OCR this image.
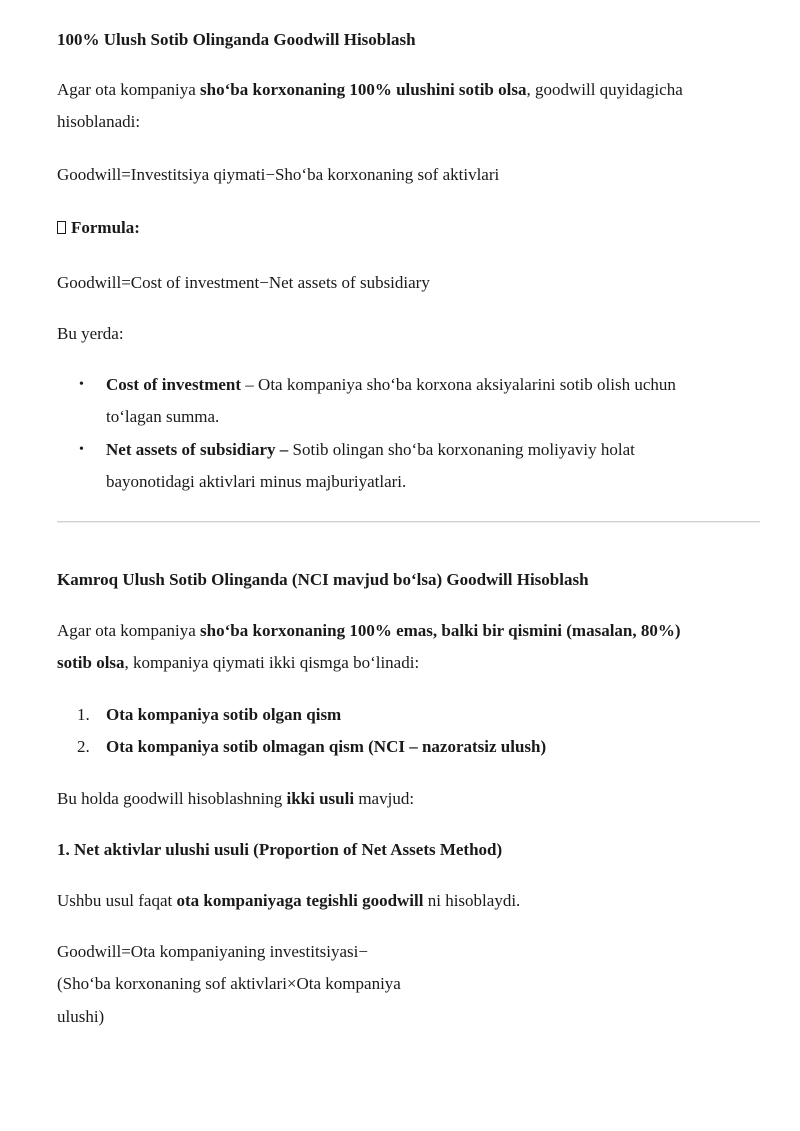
100% Ulush Sotib Olinganda Goodwill Hisoblash
Agar ota kompaniya sho‘ba korxonaning 100% ulushini sotib olsa, goodwill quyidagicha
hisoblanadi:
Goodwill=Investitsiya qiymati−Sho‘ba korxonaning sof aktivlari
Formula:
Goodwill=Cost of investment−Net assets of subsidiary
Bu yerda:
• Cost of investment – Ota kompaniya sho‘ba korxona aksiyalarini sotib olish uchun
to‘lagan summa.
• Net assets of subsidiary – Sotib olingan sho‘ba korxonaning moliyaviy holat
bayonotidagi aktivlari minus majburiyatlari.
Kamroq Ulush Sotib Olinganda (NCI mavjud bo‘lsa) Goodwill Hisoblash
Agar ota kompaniya sho‘ba korxonaning 100% emas, balki bir qismini (masalan, 80%)
sotib olsa, kompaniya qiymati ikki qismga bo‘linadi:
1. Ota kompaniya sotib olgan qism
2. Ota kompaniya sotib olmagan qism (NCI – nazoratsiz ulush)
Bu holda goodwill hisoblashning ikki usuli mavjud:
1. Net aktivlar ulushi usuli (Proportion of Net Assets Method)
Ushbu usul faqat ota kompaniyaga tegishli goodwill ni hisoblaydi.
Goodwill=Ota kompaniyaning investitsiyasi−
(Sho‘ba korxonaning sof aktivlari×Ota kompaniya
ulushi)
